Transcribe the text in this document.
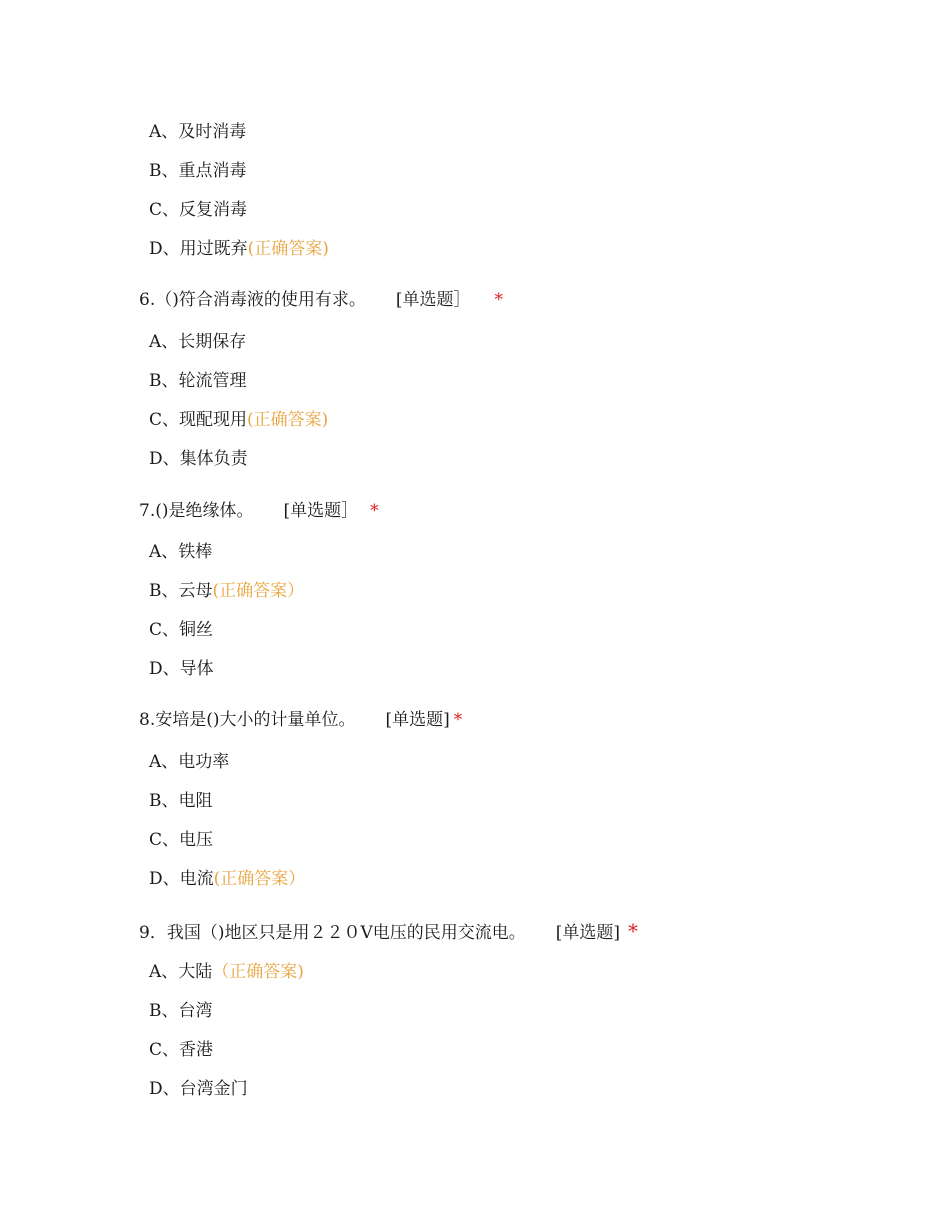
A、及时消毒
B、重点消毒
C、反复消毒
D、用过既弃(正确答案)
6.（)符合消毒液的使用有求。 [单选题］ *
A、长期保存
B、轮流管理
C、现配现用(正确答案)
D、集体负责
7.()是绝缘体。 [单选题］ *
A、铁棒
B、云母(正确答案）
C、铜丝
D、导体
8.安培是()大小的计量单位。 [单选题] *
A、电功率
B、电阻
C、电压
D、电流(正确答案）
9．我国（)地区只是用２２０V电压的民用交流电。 [单选题] *
A、大陆（正确答案)
B、台湾
C、香港
D、台湾金门
